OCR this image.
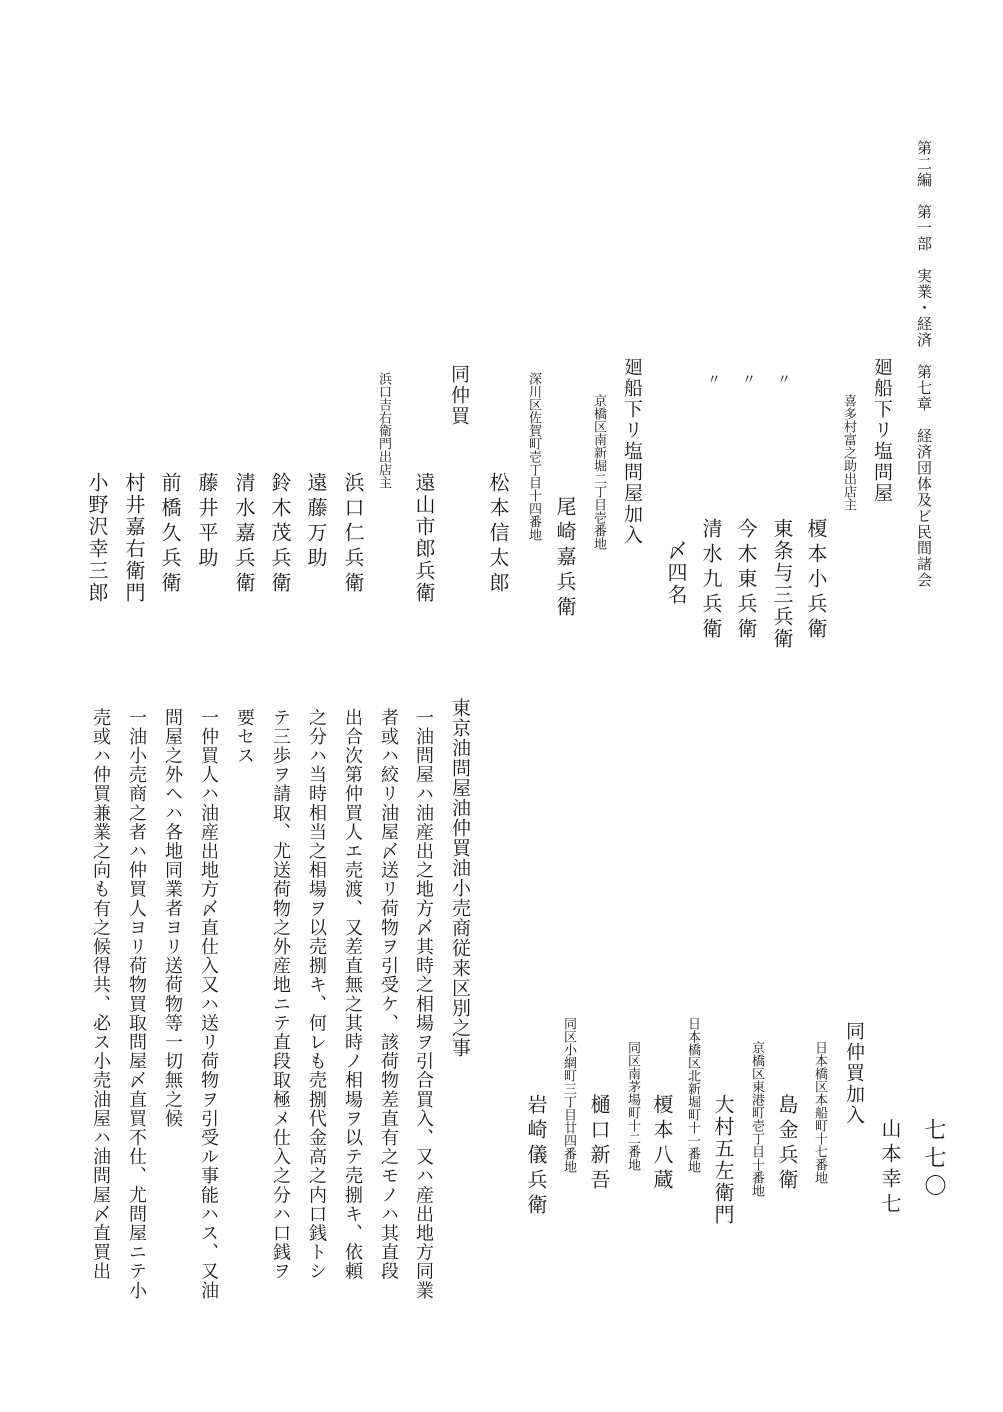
第二編　第一部　実業・経済　第七章　経済団体及ビ民間諸会
廻船下リ塩問屋
喜多村富之助出店主
榎本小兵衛
〃
東条与三兵衛
〃
今木東兵衛
〃
清水九兵衛
〆四名
廻船下リ塩問屋加入
京橋区南新堀二丁目壱番地
尾崎嘉兵衛
深川区佐賀町壱丁目十四番地
松本信太郎
同仲買
遠山市郎兵衛
浜口吉右衛門出店主
浜口仁兵衛
遠藤万助
鈴木茂兵衛
清水嘉兵衛
藤井平助
前橋久兵衛
村井嘉右衛門
小野沢幸三郎
七七〇
同仲買加入
山本幸七
日本橋区本船町十七番地
島金兵衛
京橋区東港町壱丁目十番地
大村五左衛門
日本橋区北新堀町十一番地
榎本八蔵
同区南茅場町十二番地
樋口新吾
同区小網町三丁目廿四番地
岩崎儀兵衛
東京油問屋油仲買油小売商従来区別之事
一油問屋ハ油産出之地方〆其時之相場ヲ引合買入、又ハ産出地方同業
者或ハ絞リ油屋〆送リ荷物ヲ引受ケ、該荷物差直有之モノハ其直段
出合次第仲買人エ売渡、又差直無之其時ノ相場ヲ以テ売捌キ、依頼
之分ハ当時相当之相場ヲ以売捌キ、何レも売捌代金高之内口銭トシ
テ三歩ヲ請取、尤送荷物之外産地ニテ直段取極メ仕入之分ハ口銭ヲ
要セス
一仲買人ハ油産出地方〆直仕入又ハ送リ荷物ヲ引受ル事能ハス、又油
問屋之外ヘハ各地同業者ヨリ送荷物等一切無之候
一油小売商之者ハ仲買人ヨリ荷物買取問屋〆直買不仕、尤問屋ニテ小
売或ハ仲買兼業之向も有之候得共、必ス小売油屋ハ油問屋〆直買出
